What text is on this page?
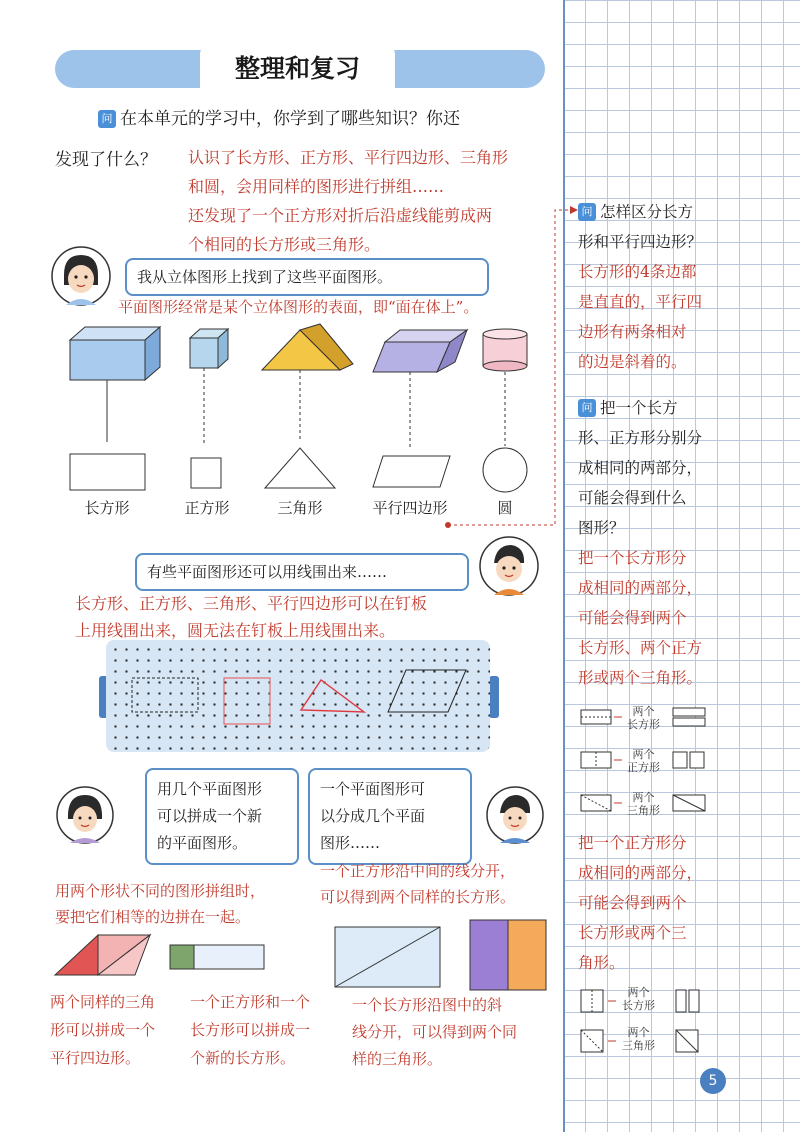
整理和复习
问 在本单元的学习中，你学到了哪些知识？你还
发现了什么？ 认识了长方形、正方形、平行四边形、三角形
和圆，会用同样的图形进行拼组……
还发现了一个正方形对折后沿虚线能剪成两
个相同的长方形或三角形。
我从立体图形上找到了这些平面图形。
平面图形经常是某个立体图形的表面，即“面在体上”。
长方形	正方形	三角形	平行四边形	圆
有些平面图形还可以用线围出来……
长方形、正方形、三角形、平行四边形可以在钉板
上用线围出来，圆无法在钉板上用线围出来。
用几个平面图形
可以拼成一个新
的平面图形。
一个平面图形可
以分成几个平面
图形……
一个正方形沿中间的线分开，
可以得到两个同样的长方形。
用两个形状不同的图形拼组时，
要把它们相等的边拼在一起。
两个同样的三角
形可以拼成一个
平行四边形。
一个正方形和一个
长方形可以拼成一
个新的长方形。
一个长方形沿图中的斜
线分开，可以得到两个同
样的三角形。
问 怎样区分长方
形和平行四边形？
长方形的4条边都
是直直的，平行四
边形有两条相对
的边是斜着的。
问 把一个长方
形、正方形分别分
成相同的两部分，
可能会得到什么
图形？
把一个长方形分
成相同的两部分，
可能会得到两个
长方形、两个正方
形或两个三角形。
两个
长方形
两个
正方形
两个
三角形
把一个正方形分
成相同的两部分，
可能会得到两个
长方形或两个三
角形。
两个
长方形
两个
三角形
5
